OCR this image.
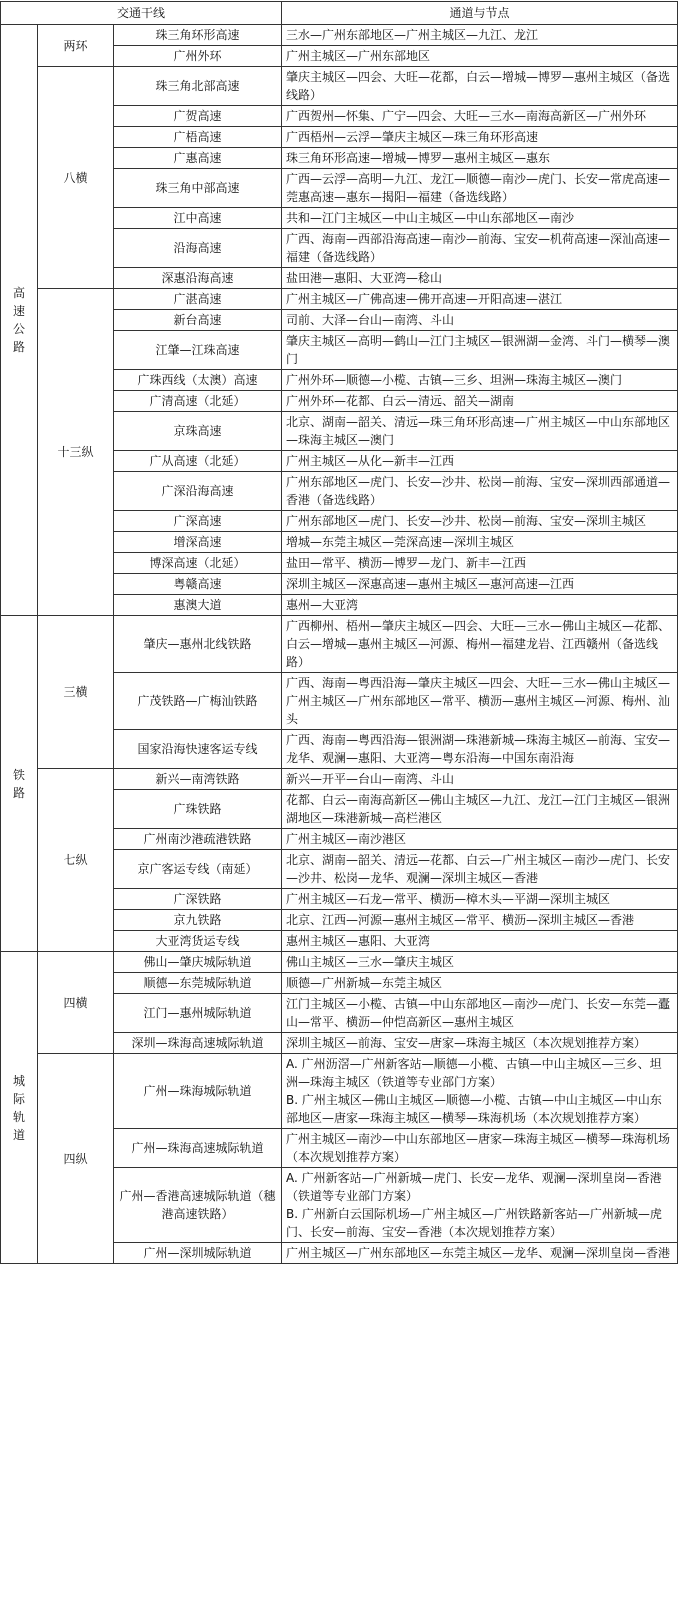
交通干线			通道与节点

高
速
公
路	两环	珠三角环形高速	三水—广州东部地区—广州主城区—九江、龙江
		广州外环	广州主城区—广州东部地区
	八横	珠三角北部高速	肇庆主城区—四会、大旺—花都，白云—增城—博罗—惠州主城区（备选线路）
		广贺高速	广西贺州—怀集、广宁—四会、大旺—三水—南海高新区—广州外环
		广梧高速	广西梧州—云浮—肇庆主城区—珠三角环形高速
		广惠高速	珠三角环形高速—增城—博罗—惠州主城区—惠东
		珠三角中部高速	广西—云浮—高明—九江、龙江—顺德—南沙—虎门、长安—常虎高速—莞惠高速—惠东—揭阳—福建（备选线路）
		江中高速	共和—江门主城区—中山主城区—中山东部地区—南沙
		沿海高速	广西、海南—西部沿海高速—南沙—前海、宝安—机荷高速—深汕高速—福建（备选线路）
		深惠沿海高速	盐田港—惠阳、大亚湾—稔山
	十三纵	广湛高速	广州主城区—广佛高速—佛开高速—开阳高速—湛江
		新台高速	司前、大泽—台山—南湾、斗山
		江肇—江珠高速	肇庆主城区—高明—鹤山—江门主城区—银洲湖—金湾、斗门—横琴—澳门
		广珠西线（太澳）高速	广州外环—顺德—小榄、古镇—三乡、坦洲—珠海主城区—澳门
		广清高速（北延）	广州外环—花都、白云—清远、韶关—湖南
		京珠高速	北京、湖南—韶关、清远—珠三角环形高速—广州主城区—中山东部地区—珠海主城区—澳门
		广从高速（北延）	广州主城区—从化—新丰—江西
		广深沿海高速	广州东部地区—虎门、长安—沙井、松岗—前海、宝安—深圳西部通道—香港（备选线路）
		广深高速	广州东部地区—虎门、长安—沙井、松岗—前海、宝安—深圳主城区
		增深高速	增城—东莞主城区—莞深高速—深圳主城区
		博深高速（北延）	盐田—常平、横沥—博罗—龙门、新丰—江西
		粤赣高速	深圳主城区—深惠高速—惠州主城区—惠河高速—江西
		惠澳大道	惠州—大亚湾

铁
路	三横	肇庆—惠州北线铁路	广西柳州、梧州—肇庆主城区—四会、大旺—三水—佛山主城区—花都、白云—增城—惠州主城区—河源、梅州—福建龙岩、江西赣州（备选线路）
		广茂铁路—广梅汕铁路	广西、海南—粤西沿海—肇庆主城区—四会、大旺—三水—佛山主城区—广州主城区—广州东部地区—常平、横沥—惠州主城区—河源、梅州、汕头
		国家沿海快速客运专线	广西、海南—粤西沿海—银洲湖—珠港新城—珠海主城区—前海、宝安—龙华、观澜—惠阳、大亚湾—粤东沿海—中国东南沿海
	七纵	新兴—南湾铁路	新兴—开平—台山—南湾、斗山
		广珠铁路	花都、白云—南海高新区—佛山主城区—九江、龙江—江门主城区—银洲湖地区—珠港新城—高栏港区
		广州南沙港疏港铁路	广州主城区—南沙港区
		京广客运专线（南延）	北京、湖南—韶关、清远—花都、白云—广州主城区—南沙—虎门、长安—沙井、松岗—龙华、观澜—深圳主城区—香港
		广深铁路	广州主城区—石龙—常平、横沥—樟木头—平湖—深圳主城区
		京九铁路	北京、江西—河源—惠州主城区—常平、横沥—深圳主城区—香港
		大亚湾货运专线	惠州主城区—惠阳、大亚湾

城
际
轨
道	四横	佛山—肇庆城际轨道	佛山主城区—三水—肇庆主城区
		顺德—东莞城际轨道	顺德—广州新城—东莞主城区
		江门—惠州城际轨道	江门主城区—小榄、古镇—中山东部地区—南沙—虎门、长安—东莞—蠹山—常平、横沥—仲恺高新区—惠州主城区
		深圳—珠海高速城际轨道	深圳主城区—前海、宝安—唐家—珠海主城区（本次规划推荐方案）
	四纵	广州—珠海城际轨道	A. 广州沥滘—广州新客站—顺德—小榄、古镇—中山主城区—三乡、坦洲—珠海主城区（铁道等专业部门方案）
B. 广州主城区—佛山主城区—顺德—小榄、古镇—中山主城区—中山东部地区—唐家—珠海主城区—横琴—珠海机场（本次规划推荐方案）
		广州—珠海高速城际轨道	广州主城区—南沙—中山东部地区—唐家—珠海主城区—横琴—珠海机场（本次规划推荐方案）
		广州—香港高速城际轨道（穗港高速铁路）	A. 广州新客站—广州新城—虎门、长安—龙华、观澜—深圳皇岗—香港（铁道等专业部门方案）
B. 广州新白云国际机场—广州主城区—广州铁路新客站—广州新城—虎门、长安—前海、宝安—香港（本次规划推荐方案）
		广州—深圳城际轨道	广州主城区—广州东部地区—东莞主城区—龙华、观澜—深圳皇岗—香港
